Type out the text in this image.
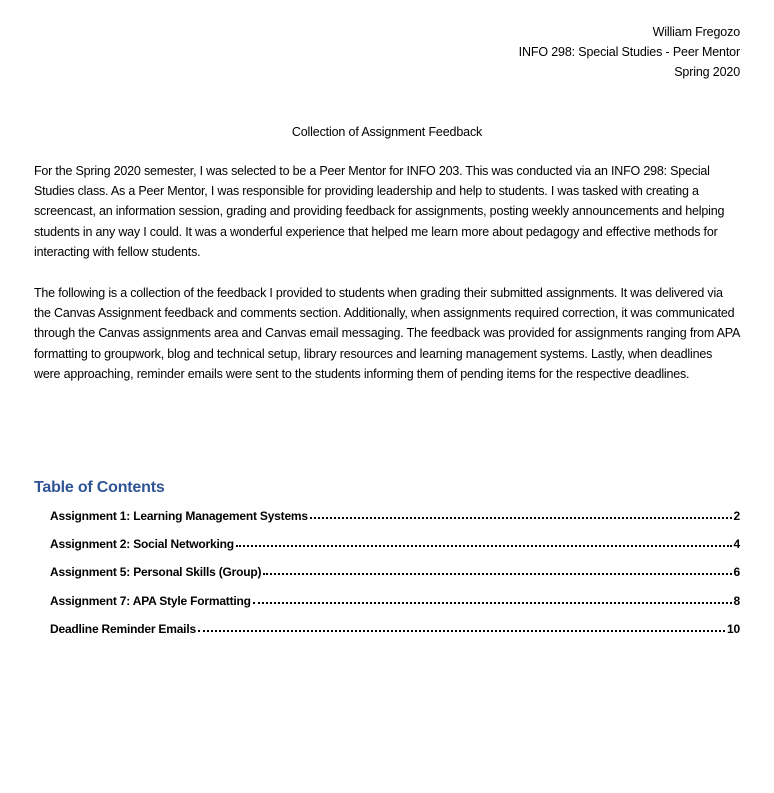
William Fregozo
INFO 298: Special Studies - Peer Mentor
Spring 2020
Collection of Assignment Feedback

For the Spring 2020 semester, I was selected to be a Peer Mentor for INFO 203. This was conducted via an INFO 298: Special Studies class. As a Peer Mentor, I was responsible for providing leadership and help to students. I was tasked with creating a screencast, an information session, grading and providing feedback for assignments, posting weekly announcements and helping students in any way I could. It was a wonderful experience that helped me learn more about pedagogy and effective methods for interacting with fellow students.

The following is a collection of the feedback I provided to students when grading their submitted assignments. It was delivered via the Canvas Assignment feedback and comments section. Additionally, when assignments required correction, it was communicated through the Canvas assignments area and Canvas email messaging. The feedback was provided for assignments ranging from APA formatting to groupwork, blog and technical setup, library resources and learning management systems. Lastly, when deadlines were approaching, reminder emails were sent to the students informing them of pending items for the respective deadlines.

Table of Contents
Assignment 1: Learning Management Systems	2
Assignment 2: Social Networking	4
Assignment 5: Personal Skills (Group)	6
Assignment 7: APA Style Formatting	8
Deadline Reminder Emails	10
